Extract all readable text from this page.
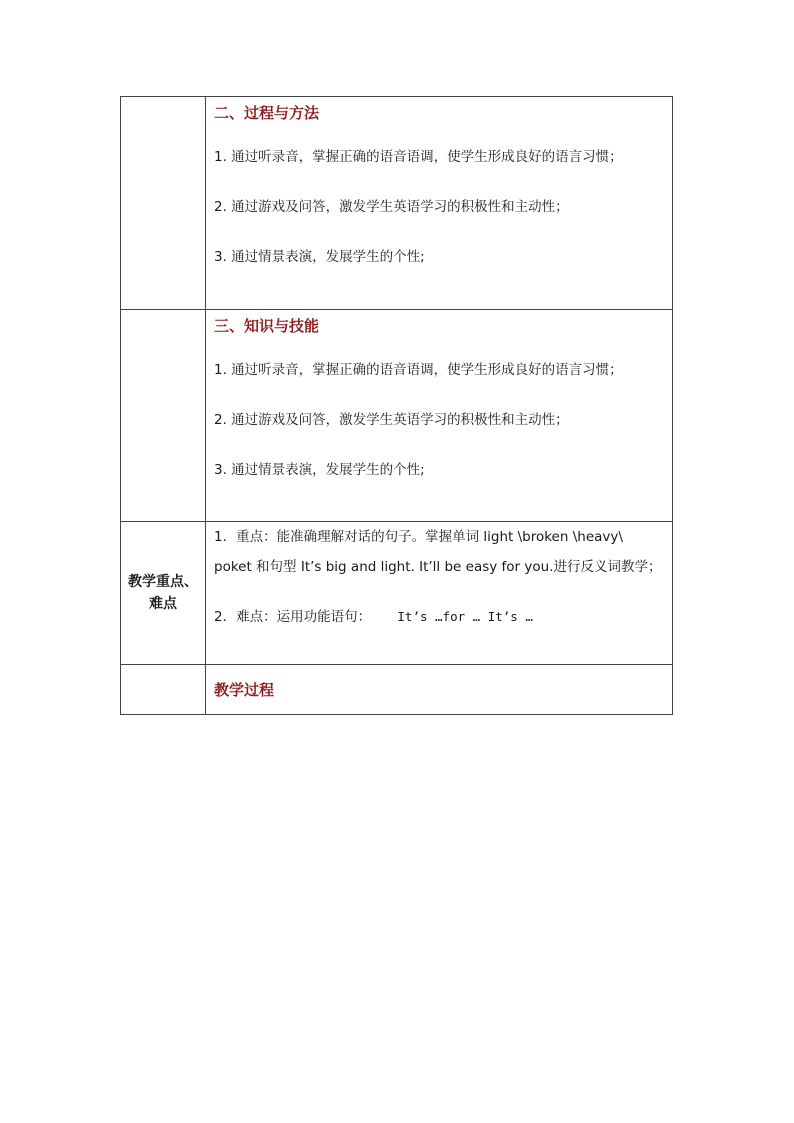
	二、过程与方法

1. 通过听录音，掌握正确的语音语调，使学生形成良好的语言习惯；

2. 通过游戏及问答，激发学生英语学习的积极性和主动性；

3. 通过情景表演，发展学生的个性;

	三、知识与技能

1. 通过听录音，掌握正确的语音语调，使学生形成良好的语言习惯；

2. 通过游戏及问答，激发学生英语学习的积极性和主动性；

3. 通过情景表演，发展学生的个性;

教学重点、难点	1．重点：能准确理解对话的句子。掌握单词 light \broken \heavy\ poket 和句型 It’s big and light. It’ll be easy for you.进行反义词教学；

2．难点：运用功能语句： It’s …for … It’s …

	教学过程
